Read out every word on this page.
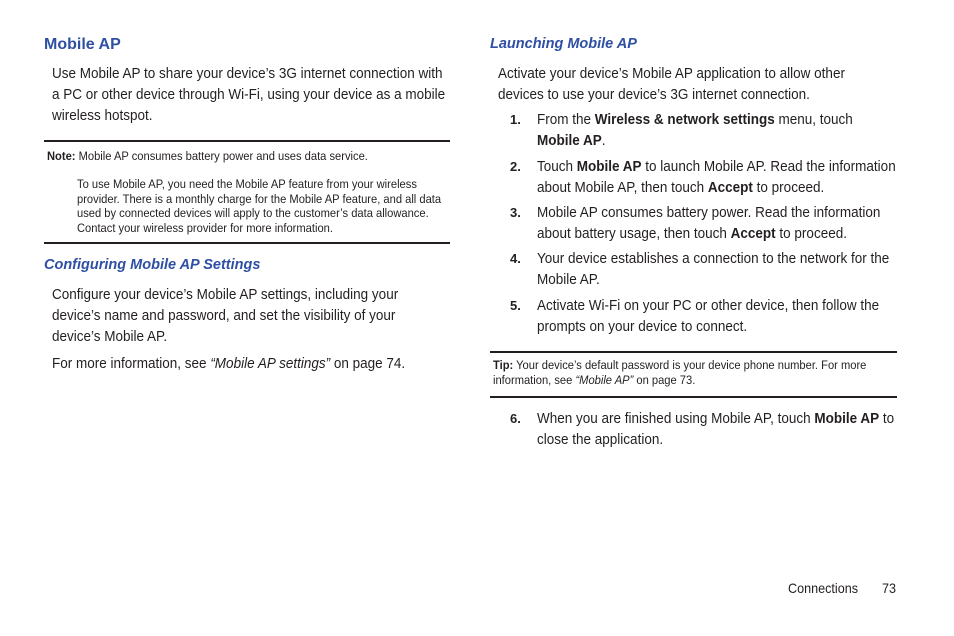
Mobile AP

Use Mobile AP to share your device’s 3G internet connection with a PC or other device through Wi-Fi, using your device as a mobile wireless hotspot.

Note: Mobile AP consumes battery power and uses data service.

To use Mobile AP, you need the Mobile AP feature from your wireless provider. There is a monthly charge for the Mobile AP feature, and all data used by connected devices will apply to the customer’s data allowance. Contact your wireless provider for more information.

Configuring Mobile AP Settings

Configure your device’s Mobile AP settings, including your device’s name and password, and set the visibility of your device’s Mobile AP.

For more information, see “Mobile AP settings” on page 74.

Launching Mobile AP

Activate your device’s Mobile AP application to allow other devices to use your device’s 3G internet connection.

1. From the Wireless & network settings menu, touch
Mobile AP.

2. Touch Mobile AP to launch Mobile AP. Read the information about Mobile AP, then touch Accept to proceed.

3. Mobile AP consumes battery power. Read the information about battery usage, then touch Accept to proceed.

4. Your device establishes a connection to the network for the Mobile AP.

5. Activate Wi-Fi on your PC or other device, then follow the prompts on your device to connect.

Tip: Your device’s default password is your device phone number. For more information, see “Mobile AP” on page 73.

6. When you are finished using Mobile AP, touch Mobile AP to close the application.

Connections 73
